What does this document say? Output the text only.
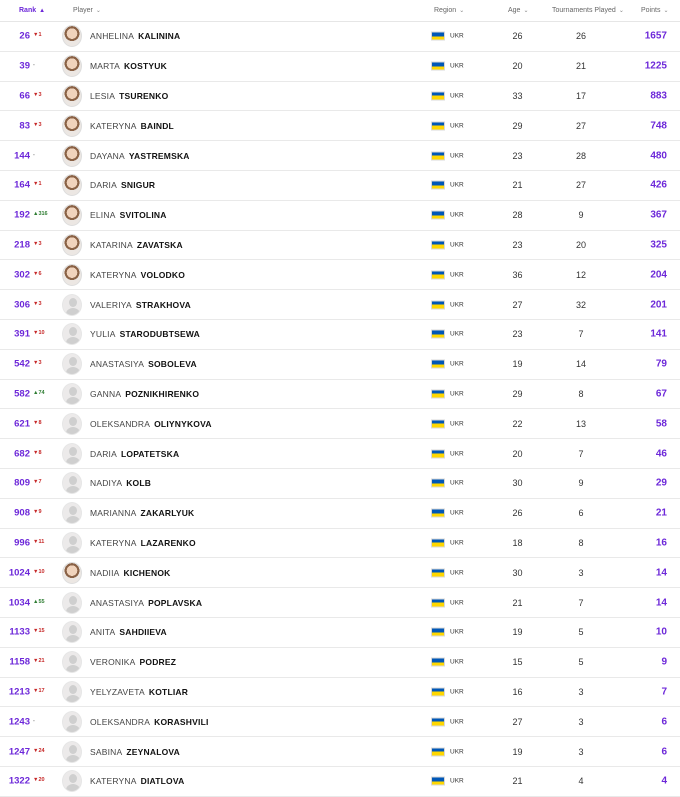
Rank ▲	Player ⌄	Region ⌄	Age ⌄	Tournaments Played ⌄ Points ⌄
26 ▼1	ANHELINA KALININA	UKR	26	26	1657
39 -	MARTA KOSTYUK	UKR	20	21	1225
66 ▼3	LESIA TSURENKO	UKR	33	17	883
83 ▼3	KATERYNA BAINDL	UKR	29	27	748
144 -	DAYANA YASTREMSKA	UKR	23	28	480
164 ▼1	DARIA SNIGUR	UKR	21	27	426
192 ▲316	ELINA SVITOLINA	UKR	28	9	367
218 ▼3	KATARINA ZAVATSKA	UKR	23	20	325
302 ▼6	KATERYNA VOLODKO	UKR	36	12	204
306 ▼3	VALERIYA STRAKHOVA	UKR	27	32	201
391 ▼10	YULIA STARODUBTSEWA	UKR	23	7	141
542 ▼3	ANASTASIYA SOBOLEVA	UKR	19	14	79
582 ▲74	GANNA POZNIKHIRENKO	UKR	29	8	67
621 ▼8	OLEKSANDRA OLIYNYKOVA	UKR	22	13	58
682 ▼8	DARIA LOPATETSKA	UKR	20	7	46
809 ▼7	NADIYA KOLB	UKR	30	9	29
908 ▼9	MARIANNA ZAKARLYUK	UKR	26	6	21
996 ▼11	KATERYNA LAZARENKO	UKR	18	8	16
1024 ▼10	NADIIA KICHENOK	UKR	30	3	14
1034 ▲55	ANASTASIYA POPLAVSKA	UKR	21	7	14
1133 ▼15	ANITA SAHDIIEVA	UKR	19	5	10
1158 ▼21	VERONIKA PODREZ	UKR	15	5	9
1213 ▼17	YELYZAVETA KOTLIAR	UKR	16	3	7
1243 -	OLEKSANDRA KORASHVILI	UKR	27	3	6
1247 ▼24	SABINA ZEYNALOVA	UKR	19	3	6
1322 ▼20	KATERYNA DIATLOVA	UKR	21	4	4
